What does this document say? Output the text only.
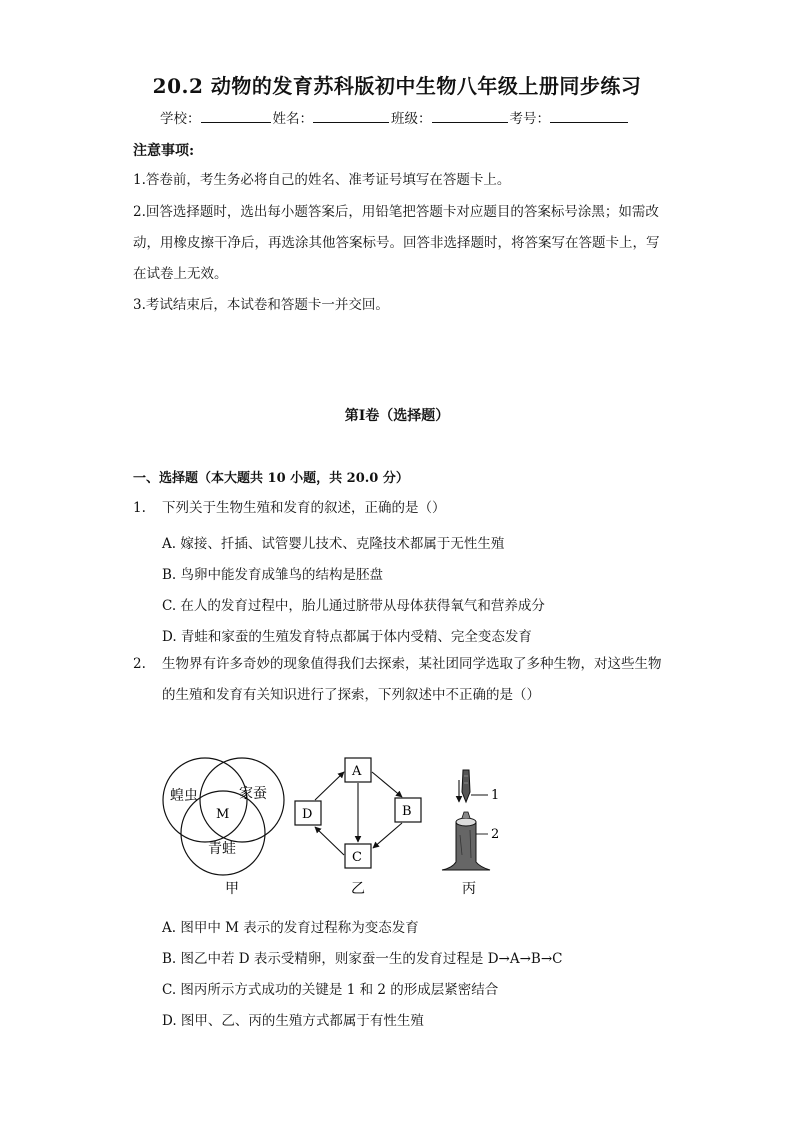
20.2 动物的发育苏科版初中生物八年级上册同步练习
学校：	姓名：	班级：	考号：
注意事项:
1.答卷前，考生务必将自己的姓名、准考证号填写在答题卡上。
2.回答选择题时，选出每小题答案后，用铅笔把答题卡对应题目的答案标号涂黑；如需改动，用橡皮擦干净后，再选涂其他答案标号。回答非选择题时，将答案写在答题卡上，写在试卷上无效。
3.考试结束后，本试卷和答题卡一并交回。
第I卷（选择题）
一、选择题（本大题共 10 小题，共 20.0 分）
1. 下列关于生物生殖和发育的叙述，正确的是（）
A. 嫁接、扦插、试管婴儿技术、克隆技术都属于无性生殖
B. 鸟卵中能发育成雏鸟的结构是胚盘
C. 在人的发育过程中，胎儿通过脐带从母体获得氧气和营养成分
D. 青蛙和家蚕的生殖发育特点都属于体内受精、完全变态发育
2. 生物界有许多奇妙的现象值得我们去探索，某社团同学选取了多种生物，对这些生物的生殖和发育有关知识进行了探索，下列叙述中不正确的是（）
蝗虫	家蚕
青蛙
M
甲
A
B
C
D
乙
1
2
丙
A. 图甲中 M 表示的发育过程称为变态发育
B. 图乙中若 D 表示受精卵，则家蚕一生的发育过程是 D→A→B→C
C. 图丙所示方式成功的关键是 1 和 2 的形成层紧密结合
D. 图甲、乙、丙的生殖方式都属于有性生殖
